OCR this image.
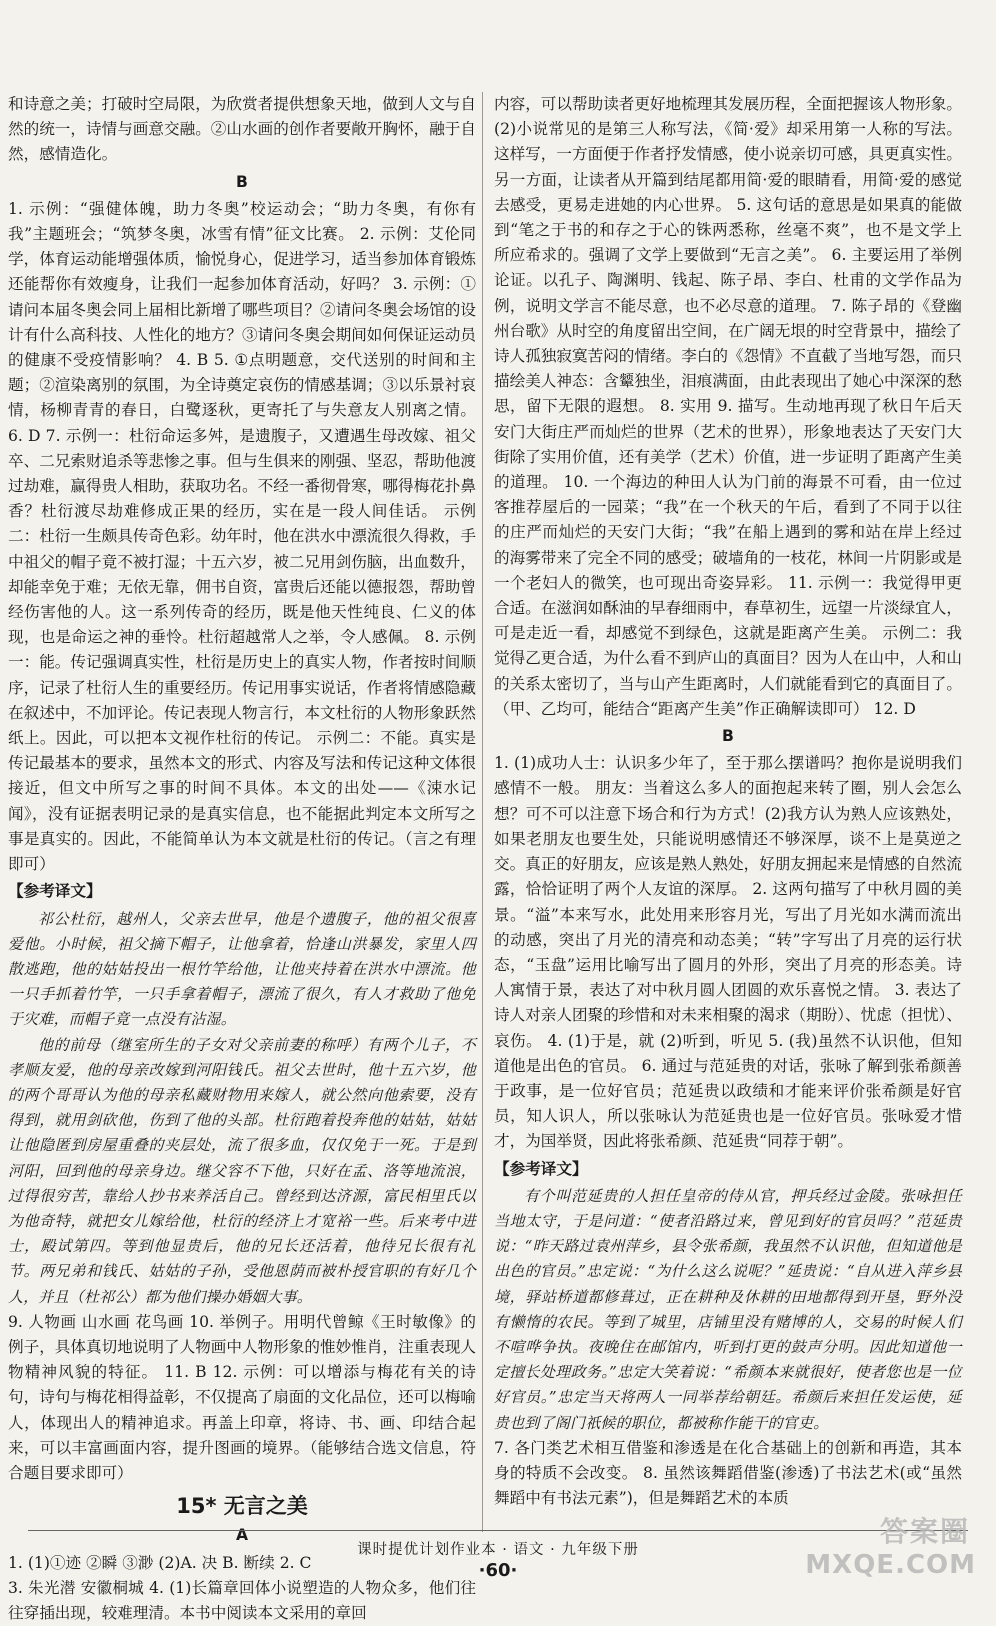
和诗意之美；打破时空局限，为欣赏者提供想象天地，做到人文与自然的统一，诗情与画意交融。②山水画的创作者要敞开胸怀，融于自然，感情造化。

B

1. 示例：“强健体魄，助力冬奥”校运动会；“助力冬奥，有你有我”主题班会；“筑梦冬奥，冰雪有情”征文比赛。 2. 示例：艾伦同学，体育运动能增强体质，愉悦身心，促进学习，适当参加体育锻炼还能帮你有效瘦身，让我们一起参加体育活动，好吗？ 3. 示例：①请问本届冬奥会同上届相比新增了哪些项目？②请问冬奥会场馆的设计有什么高科技、人性化的地方？③请问冬奥会期间如何保证运动员的健康不受疫情影响？ 4. B 5. ①点明题意，交代送别的时间和主题；②渲染离别的氛围，为全诗奠定哀伤的情感基调；③以乐景衬哀情，杨柳青青的春日，白鹭逐秋，更寄托了与失意友人别离之情。 6. D 7. 示例一：杜衍命运多舛，是遗腹子，又遭遇生母改嫁、祖父卒、二兄索财追杀等悲惨之事。但与生俱来的刚强、坚忍，帮助他渡过劫难，赢得贵人相助，获取功名。不经一番彻骨寒，哪得梅花扑鼻香？杜衍渡尽劫难修成正果的经历，实在是一段人间佳话。 示例二：杜衍一生颇具传奇色彩。幼年时，他在洪水中漂流很久得救，手中祖父的帽子竟不被打湿；十五六岁，被二兄用剑伤脑，出血数升，却能幸免于难；无依无靠，佣书自资，富贵后还能以德报怨，帮助曾经伤害他的人。这一系列传奇的经历，既是他天性纯良、仁义的体现，也是命运之神的垂怜。杜衍超越常人之举，令人感佩。 8. 示例一：能。传记强调真实性，杜衍是历史上的真实人物，作者按时间顺序，记录了杜衍人生的重要经历。传记用事实说话，作者将情感隐藏在叙述中，不加评论。传记表现人物言行，本文杜衍的人物形象跃然纸上。因此，可以把本文视作杜衍的传记。 示例二：不能。真实是传记最基本的要求，虽然本文的形式、内容及写法和传记这种文体很接近，但文中所写之事的时间不具体。本文的出处——《涑水记闻》，没有证据表明记录的是真实信息，也不能据此判定本文所写之事是真实的。因此，不能简单认为本文就是杜衍的传记。（言之有理即可）

【参考译文】

祁公杜衍，越州人，父亲去世早，他是个遗腹子，他的祖父很喜爱他。小时候，祖父摘下帽子，让他拿着，恰逢山洪暴发，家里人四散逃跑，他的姑姑投出一根竹竿给他，让他夹持着在洪水中漂流。他一只手抓着竹竿，一只手拿着帽子，漂流了很久，有人才救助了他免于灾难，而帽子竟一点没有沾湿。

他的前母（继室所生的子女对父亲前妻的称呼）有两个儿子，不孝顺友爱，他的母亲改嫁到河阳钱氏。祖父去世时，他十五六岁，他的两个哥哥认为他的母亲私藏财物用来嫁人，就公然向他索要，没有得到，就用剑砍他，伤到了他的头部。杜衍跑着投奔他的姑姑，姑姑让他隐匿到房屋重叠的夹层处，流了很多血，仅仅免于一死。于是到河阳，回到他的母亲身边。继父容不下他，只好在孟、洛等地流浪，过得很穷苦，靠给人抄书来养活自己。曾经到达济源，富民相里氏以为他奇特，就把女儿嫁给他，杜衍的经济上才宽裕一些。后来考中进士，殿试第四。等到他显贵后，他的兄长还活着，他待兄长很有礼节。两兄弟和钱氏、姑姑的子孙，受他恩荫而被朴授官职的有好几个人，并且（杜祁公）都为他们操办婚姻大事。

9. 人物画 山水画 花鸟画 10. 举例子。用明代曾鲸《王时敏像》的例子，具体真切地说明了人物画中人物形象的惟妙惟肖，注重表现人物精神风貌的特征。 11. B 12. 示例：可以增添与梅花有关的诗句，诗句与梅花相得益彰，不仅提高了扇面的文化品位，还可以梅喻人，体现出人的精神追求。再盖上印章，将诗、书、画、印结合起来，可以丰富画面内容，提升图画的境界。（能够结合选文信息，符合题目要求即可）

15* 无言之美
A

1. (1)①迹 ②瞬 ③渺 (2)A. 决 B. 断续 2. C

3. 朱光潜 安徽桐城 4. (1)长篇章回体小说塑造的人物众多，他们往往穿插出现，较难理清。本书中阅读本文采用的章回

内容，可以帮助读者更好地梳理其发展历程，全面把握该人物形象。(2)小说常见的是第三人称写法，《简·爱》却采用第一人称的写法。这样写，一方面便于作者抒发情感，使小说亲切可感，具更真实性。另一方面，让读者从开篇到结尾都用简·爱的眼睛看，用简·爱的感觉去感受，更易走进她的内心世界。 5. 这句话的意思是如果真的能做到“笔之于书的和存之于心的铢两悉称，丝毫不爽”，也不是文学上所应希求的。强调了文学上要做到“无言之美”。 6. 主要运用了举例论证。以孔子、陶渊明、钱起、陈子昂、李白、杜甫的文学作品为例，说明文学言不能尽意，也不必尽意的道理。 7. 陈子昂的《登幽州台歌》从时空的角度留出空间，在广阔无垠的时空背景中，描绘了诗人孤独寂寞苦闷的情绪。李白的《怨情》不直截了当地写怨，而只描绘美人神态：含颦独坐，泪痕满面，由此表现出了她心中深深的愁思，留下无限的遐想。 8. 实用 9. 描写。生动地再现了秋日午后天安门大街庄严而灿烂的世界（艺术的世界），形象地表达了天安门大街除了实用价值，还有美学（艺术）价值，进一步证明了距离产生美的道理。 10. 一个海边的种田人认为门前的海景不可看，由一位过客推荐屋后的一园菜；“我”在一个秋天的午后，看到了不同于以往的庄严而灿烂的天安门大街；“我”在船上遇到的雾和站在岸上经过的海雾带来了完全不同的感受；破墙角的一枝花，林间一片阴影或是一个老妇人的微笑，也可现出奇姿异彩。 11. 示例一：我觉得甲更合适。在滋润如酥油的早春细雨中，春草初生，远望一片淡绿宜人，可是走近一看，却感觉不到绿色，这就是距离产生美。 示例二：我觉得乙更合适，为什么看不到庐山的真面目？因为人在山中，人和山的关系太密切了，当与山产生距离时，人们就能看到它的真面目了。（甲、乙均可，能结合“距离产生美”作正确解读即可） 12. D

B

1. (1)成功人士：认识多少年了，至于那么摆谱吗？抱你是说明我们感情不一般。 朋友：当着这么多人的面抱起来转了圈，别人会怎么想？可不可以注意下场合和行为方式！(2)我方认为熟人应该熟处，如果老朋友也要生处，只能说明感情还不够深厚，谈不上是莫逆之交。真正的好朋友，应该是熟人熟处，好朋友拥起来是情感的自然流露，恰恰证明了两个人友谊的深厚。 2. 这两句描写了中秋月圆的美景。“溢”本来写水，此处用来形容月光，写出了月光如水满而流出的动感，突出了月光的清亮和动态美；“转”字写出了月亮的运行状态，“玉盘”运用比喻写出了圆月的外形，突出了月亮的形态美。诗人寓情于景，表达了对中秋月圆人团圆的欢乐喜悦之情。 3. 表达了诗人对亲人团聚的珍惜和对未来相聚的渴求（期盼）、忧虑（担忧）、哀伤。 4. (1)于是，就 (2)听到，听见 5. (我)虽然不认识他，但知道他是出色的官员。 6. 通过与范延贵的对话，张咏了解到张希颜善于政事，是一位好官员；范延贵以政绩和才能来评价张希颜是好官员，知人识人，所以张咏认为范延贵也是一位好官员。张咏爱才惜才，为国举贤，因此将张希颜、范延贵“同荐于朝”。

【参考译文】

有个叫范延贵的人担任皇帝的侍从官，押兵经过金陵。张咏担任当地太守，于是问道：“使者沿路过来，曾见到好的官员吗？”范延贵说：“昨天路过袁州萍乡，县令张希颜，我虽然不认识他，但知道他是出色的官员。”忠定说：“为什么这么说呢？”延贵说：“自从进入萍乡县境，驿站桥道都修葺过，正在耕种及休耕的田地都得到开垦，野外没有懒惰的农民。等到了城里，店铺里没有赌博的人，交易的时候人们不喧哗争执。夜晚住在邮馆内，听到打更的鼓声分明。因此知道他一定擅长处理政务。”忠定大笑着说：“希颜本来就很好，使者您也是一位好官员。”忠定当天将两人一同举荐给朝廷。希颜后来担任发运使，延贵也到了阁门祇候的职位，都被称作能干的官吏。

7. 各门类艺术相互借鉴和渗透是在化合基础上的创新和再造，其本身的特质不会改变。 8. 虽然该舞蹈借鉴(渗透)了书法艺术(或“虽然舞蹈中有书法元素”)，但是舞蹈艺术的本质

课时提优计划作业本 · 语文 · 九年级下册
·60·
答案圈
MXQE.COM
